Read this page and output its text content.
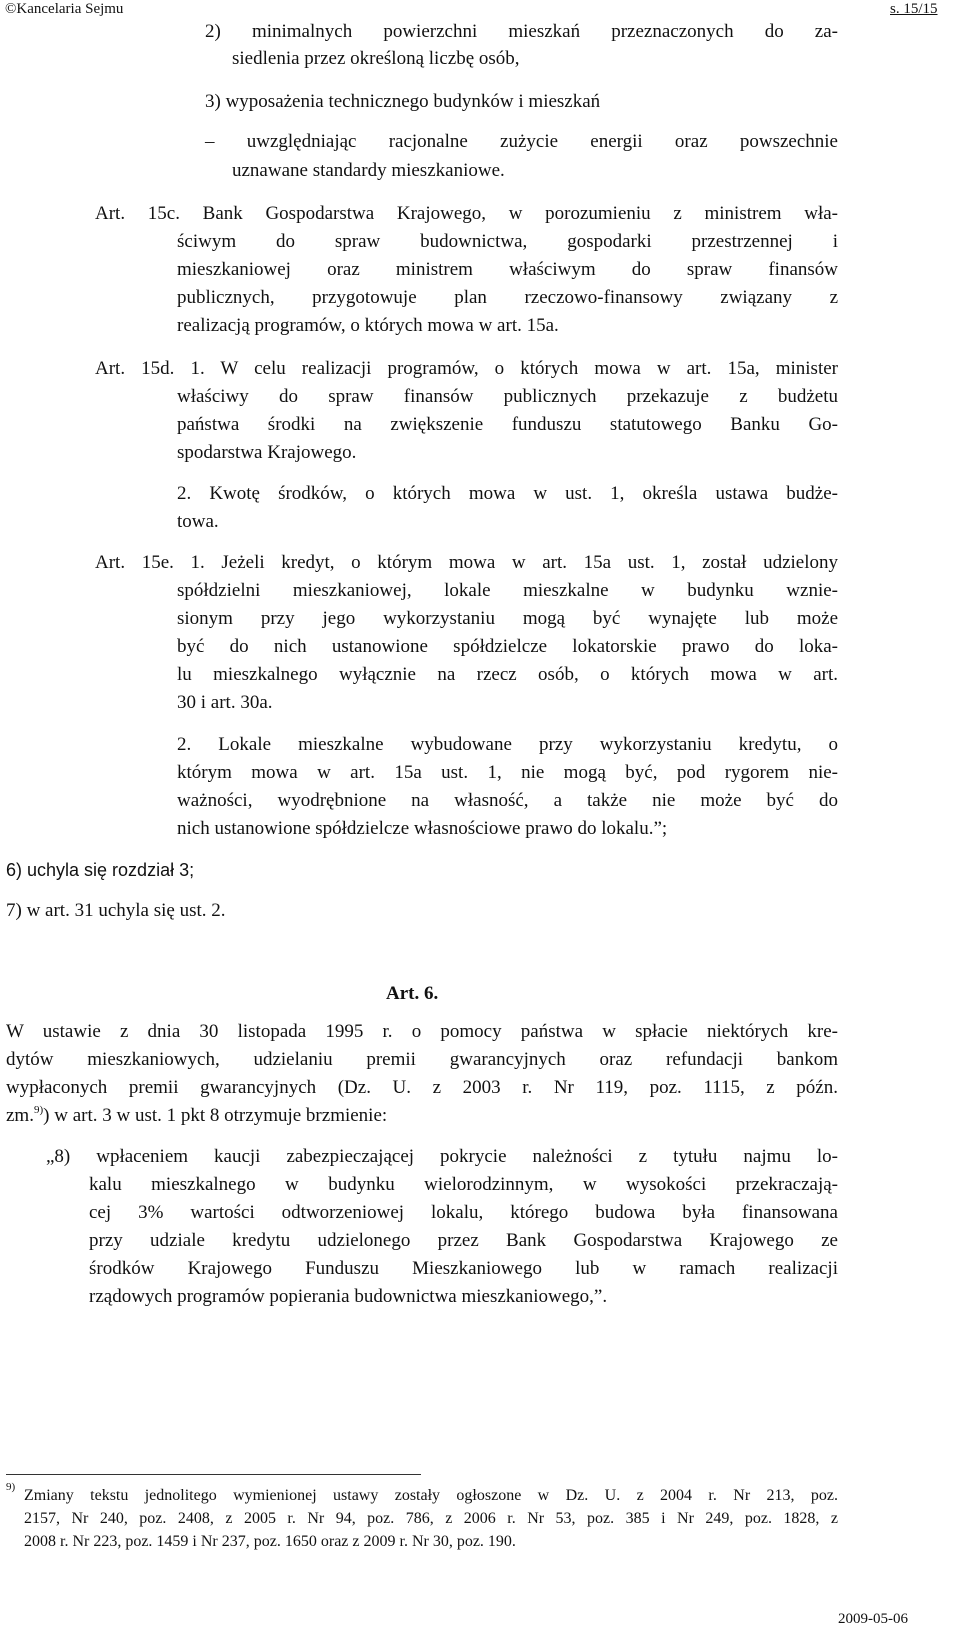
©Kancelaria Sejmu	s. 15/15
2) minimalnych powierzchni mieszkań przeznaczonych do za-
siedlenia przez określoną liczbę osób,
3) wyposażenia technicznego budynków i mieszkań
– uwzględniając racjonalne zużycie energii oraz powszechnie
uznawane standardy mieszkaniowe.
Art. 15c. Bank Gospodarstwa Krajowego, w porozumieniu z ministrem wła-
ściwym do spraw budownictwa, gospodarki przestrzennej i
mieszkaniowej oraz ministrem właściwym do spraw finansów
publicznych, przygotowuje plan rzeczowo-finansowy związany z
realizacją programów, o których mowa w art. 15a.
Art. 15d. 1. W celu realizacji programów, o których mowa w art. 15a, minister
właściwy do spraw finansów publicznych przekazuje z budżetu
państwa środki na zwiększenie funduszu statutowego Banku Go-
spodarstwa Krajowego.
2. Kwotę środków, o których mowa w ust. 1, określa ustawa budże-
towa.
Art. 15e. 1. Jeżeli kredyt, o którym mowa w art. 15a ust. 1, został udzielony
spółdzielni mieszkaniowej, lokale mieszkalne w budynku wznie-
sionym przy jego wykorzystaniu mogą być wynajęte lub może
być do nich ustanowione spółdzielcze lokatorskie prawo do loka-
lu mieszkalnego wyłącznie na rzecz osób, o których mowa w art.
30 i art. 30a.
2. Lokale mieszkalne wybudowane przy wykorzystaniu kredytu, o
którym mowa w art. 15a ust. 1, nie mogą być, pod rygorem nie-
ważności, wyodrębnione na własność, a także nie może być do
nich ustanowione spółdzielcze własnościowe prawo do lokalu.”;
6) uchyla się rozdział 3;
7) w art. 31 uchyla się ust. 2.
Art. 6.
W ustawie z dnia 30 listopada 1995 r. o pomocy państwa w spłacie niektórych kre-
dytów mieszkaniowych, udzielaniu premii gwarancyjnych oraz refundacji bankom
wypłaconych premii gwarancyjnych (Dz. U. z 2003 r. Nr 119, poz. 1115, z późn.
zm.$^{9)}$) w art. 3 w ust. 1 pkt 8 otrzymuje brzmienie:
„8) wpłaceniem kaucji zabezpieczającej pokrycie należności z tytułu najmu lo-
kalu mieszkalnego w budynku wielorodzinnym, w wysokości przekraczają-
cej 3% wartości odtworzeniowej lokalu, którego budowa była finansowana
przy udziale kredytu udzielonego przez Bank Gospodarstwa Krajowego ze
środków Krajowego Funduszu Mieszkaniowego lub w ramach realizacji
rządowych programów popierania budownictwa mieszkaniowego,”.
9) Zmiany tekstu jednolitego wymienionej ustawy zostały ogłoszone w Dz. U. z 2004 r. Nr 213, poz.
2157, Nr 240, poz. 2408, z 2005 r. Nr 94, poz. 786, z 2006 r. Nr 53, poz. 385 i Nr 249, poz. 1828, z
2008 r. Nr 223, poz. 1459 i Nr 237, poz. 1650 oraz z 2009 r. Nr 30, poz. 190.
2009-05-06
